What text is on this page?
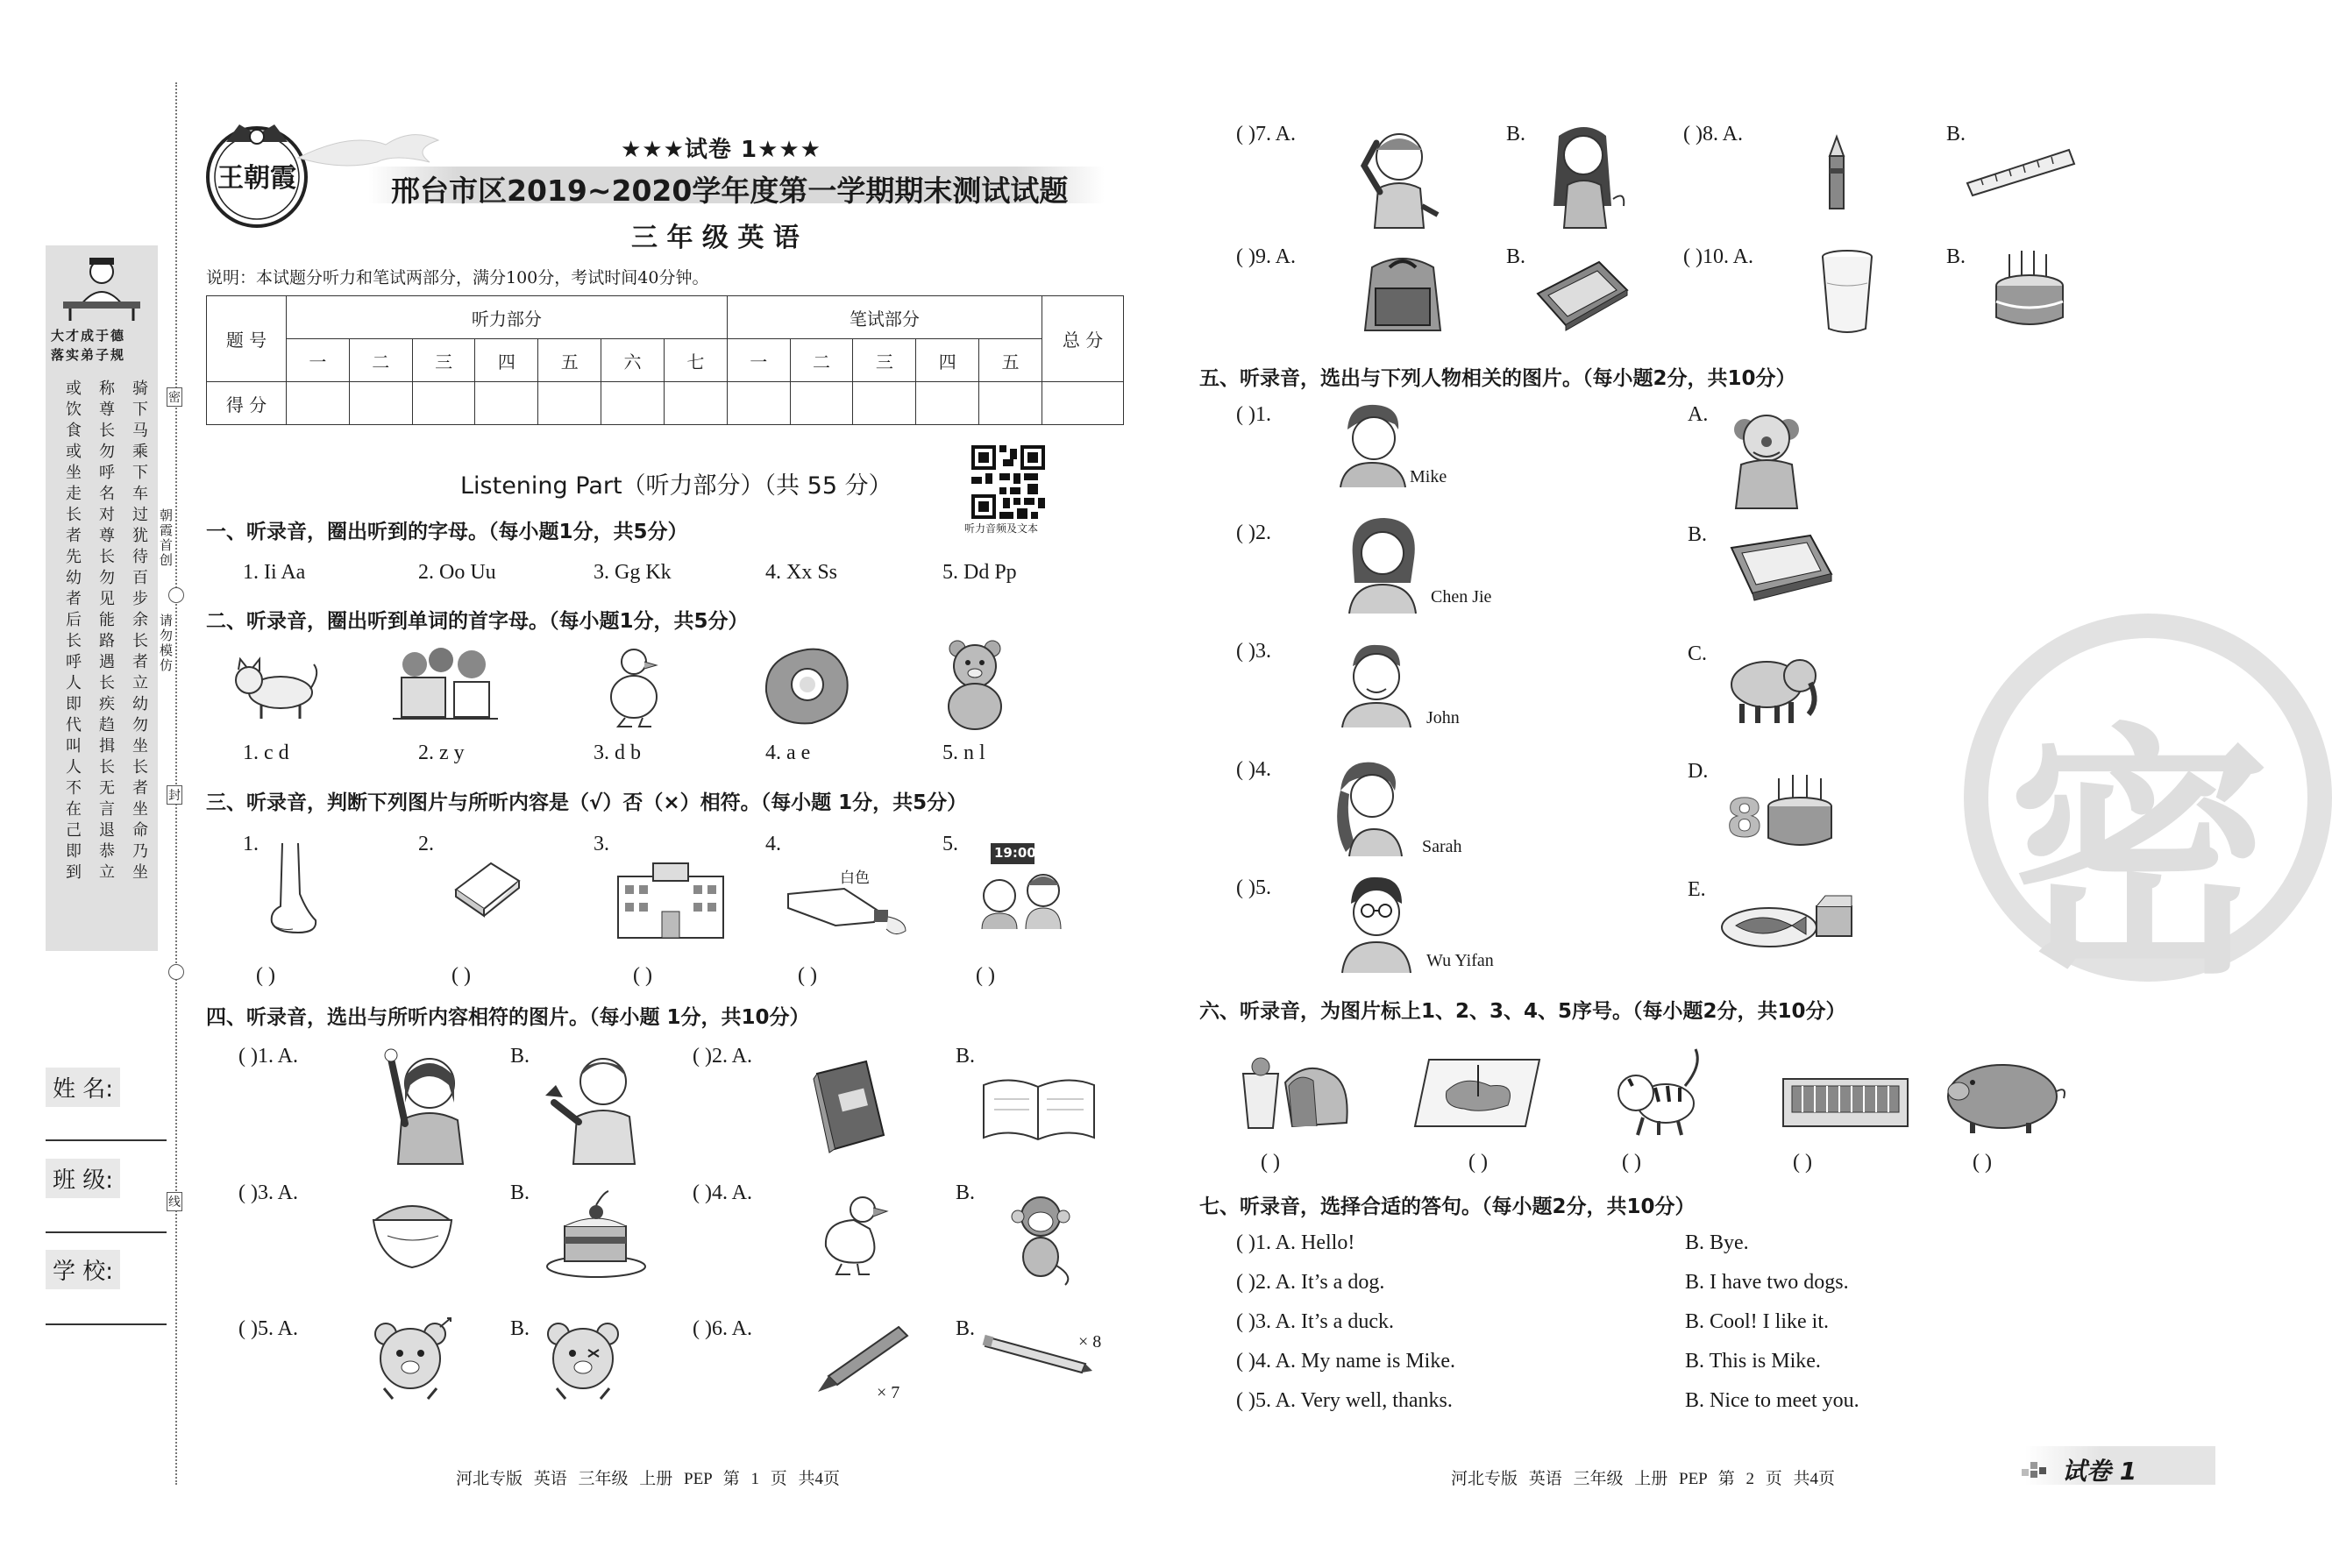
大才成于德
落实弟子规
骑下马乘下车过犹待百步余长者立幼勿坐长者坐命乃坐
称尊长勿呼名对尊长勿见能路遇长疾趋揖长无言退恭立
或饮食或坐走长者先幼者后长呼人即代叫人不在己即到
朝霞首创
请勿模仿
密
封
线
姓 名:
班 级:
学 校:
王朝霞
★★★试卷 1★★★
邢台市区2019~2020学年度第一学期期末测试试题
三 年 级 英 语
说明：本试题分听力和笔试两部分，满分100分，考试时间40分钟。
题 号	听力部分							笔试部分					总 分
	一	二	三	四	五	六	七	一	二	三	四	五	
得 分													
Listening Part（听力部分）（共 55 分）
听力音频及文本
一、听录音，圈出听到的字母。（每小题1分，共5分）
1. Ii Aa	2. Oo Uu	3. Gg Kk	4. Xx Ss	5. Dd Pp
二、听录音，圈出听到单词的首字母。（每小题1分，共5分）
1. c d	2. z y	3. d b	4. a e	5. n l
三、听录音，判断下列图片与所听内容是（√）否（×）相符。（每小题 1分，共5分）
1.	2.	3.	4.	5.
白色
19:00
( )	( )	( )	( )	( )
四、听录音，选出与所听内容相符的图片。（每小题 1分，共10分）
( )1. A.	B.	( )2. A.	B.
( )3. A.	B.	( )4. A.	B.
( )5. A.	B.	( )6. A.
× 7
B.
× 8
( )7. A.	B.	( )8. A.	B.
( )9. A.	B.	( )10. A.	B.
五、听录音，选出与下列人物相关的图片。（每小题2分，共10分）
( )1.
Mike
( )2.
Chen Jie
( )3.
John
( )4.
Sarah
( )5.
Wu Yifan
A.
B.
C.
D.
8
E.
六、听录音，为图片标上1、2、3、4、5序号。（每小题2分，共10分）
( )	( )	( )	( )	( )
七、听录音，选择合适的答句。（每小题2分，共10分）
( )1. A. Hello!	B. Bye.
( )2. A. It’s a dog.	B. I have two dogs.
( )3. A. It’s a duck.	B. Cool! I like it.
( )4. A. My name is Mike.	B. This is Mike.
( )5. A. Very well, thanks.	B. Nice to meet you.
密
河北专版 英语 三年级 上册 PEP 第 1 页 共4页	河北专版 英语 三年级 上册 PEP 第 2 页 共4页	试卷 1
